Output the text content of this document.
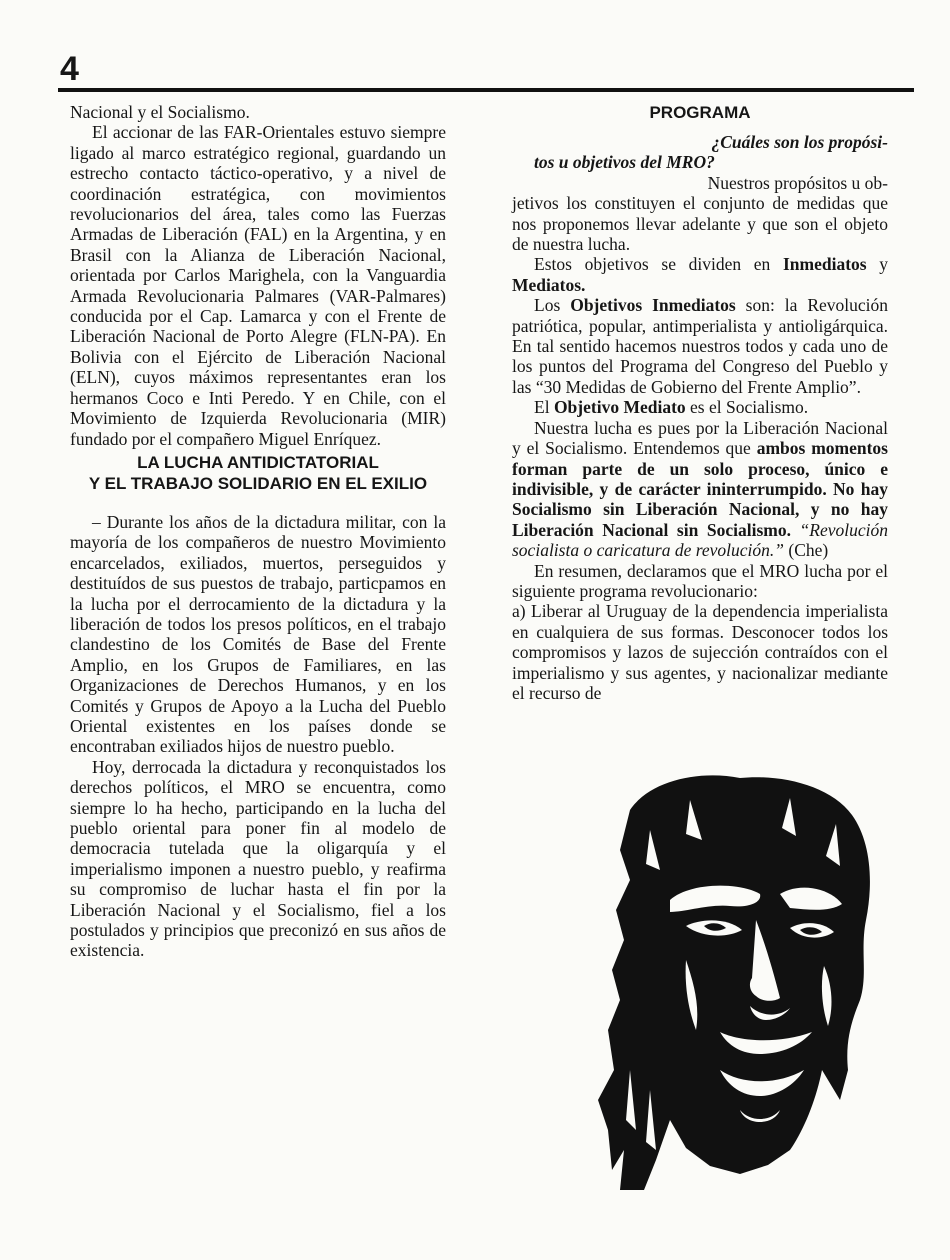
4

Nacional y el Socialismo.

El accionar de las FAR-Orientales estuvo siempre ligado al marco estratégico regional, guardando un estrecho contacto táctico-operativo, y a nivel de coordinación estratégica, con movimientos revolucionarios del área, tales como las Fuerzas Armadas de Liberación (FAL) en la Argentina, y en Brasil con la Alianza de Liberación Nacional, orientada por Carlos Marighela, con la Vanguardia Armada Revolucionaria Palmares (VAR-Palmares) conducida por el Cap. Lamarca y con el Frente de Liberación Nacional de Porto Alegre (FLN-PA). En Bolivia con el Ejército de Liberación Nacional (ELN), cuyos máximos representantes eran los hermanos Coco e Inti Peredo. Y en Chile, con el Movimiento de Izquierda Revolucionaria (MIR) fundado por el compañero Miguel Enríquez.

LA LUCHA ANTIDICTATORIAL
Y EL TRABAJO SOLIDARIO EN EL EXILIO

– Durante los años de la dictadura militar, con la mayoría de los compañeros de nuestro Movimiento encarcelados, exiliados, muertos, perseguidos y destituídos de sus puestos de trabajo, particpamos en la lucha por el derrocamiento de la dictadura y la liberación de todos los presos políticos, en el trabajo clandestino de los Comités de Base del Frente Amplio, en los Grupos de Familiares, en las Organizaciones de Derechos Humanos, y en los Comités y Grupos de Apoyo a la Lucha del Pueblo Oriental existentes en los países donde se encontraban exiliados hijos de nuestro pueblo.

Hoy, derrocada la dictadura y reconquistados los derechos políticos, el MRO se encuentra, como siempre lo ha hecho, participando en la lucha del pueblo oriental para poner fin al modelo de democracia tutelada que la oligarquía y el imperialismo imponen a nuestro pueblo, y reafirma su compromiso de luchar hasta el fin por la Liberación Nacional y el Socialismo, fiel a los postulados y principios que preconizó en sus años de existencia.

PROGRAMA

¿Cuáles son los propósi-

tos u objetivos del MRO?

Nuestros propósitos u ob-

jetivos los constituyen el conjunto de medidas que nos proponemos llevar adelante y que son el objeto de nuestra lucha.

Estos objetivos se dividen en Inmediatos y Mediatos.

Los Objetivos Inmediatos son: la Revolución patriótica, popular, antimperialista y antioligárquica. En tal sentido hacemos nuestros todos y cada uno de los puntos del Programa del Congreso del Pueblo y las “30 Medidas de Gobierno del Frente Amplio”.

El Objetivo Mediato es el Socialismo.

Nuestra lucha es pues por la Liberación Nacional y el Socialismo. Entendemos que ambos momentos forman parte de un solo proceso, único e indivisible, y de carácter ininterrumpido. No hay Socialismo sin Liberación Nacional, y no hay Liberación Nacional sin Socialismo. “Revolución socialista o caricatura de revolución.” (Che)

En resumen, declaramos que el MRO lucha por el siguiente programa revolucionario:

a) Liberar al Uruguay de la dependencia imperialista en cualquiera de sus formas. Desconocer todos los compromisos y lazos de sujección contraídos con el imperialismo y sus agentes, y nacionalizar mediante el recurso de
